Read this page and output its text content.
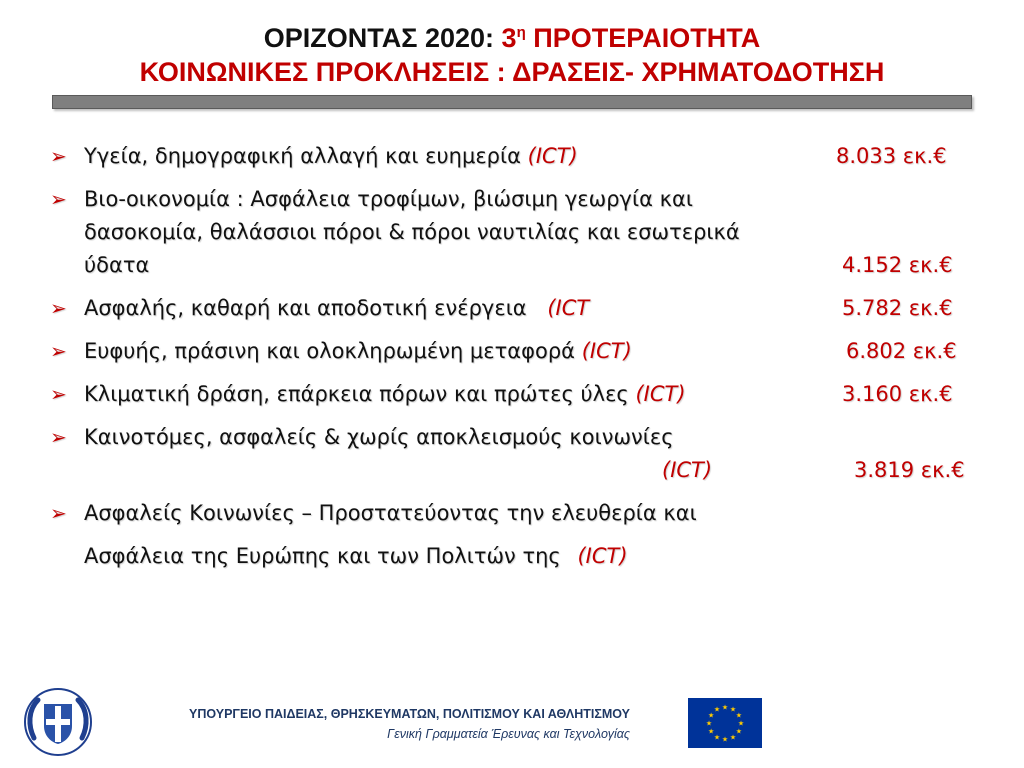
ΟΡΙΖΟΝΤΑΣ 2020: $3^\eta$ ΠΡΟΤΕΡΑΙΟΤΗΤΑ
ΚΟΙΝΩΝΙΚΕΣ ΠΡΟΚΛΗΣΕΙΣ : ΔΡΑΣΕΙΣ- ΧΡΗΜΑΤΟΔΟΤΗΣΗ
➢ Υγεία, δημογραφική αλλαγή και ευημερία (ICT)	8.033 εκ.€
➢ Βιο-οικονομία : Ασφάλεια τροφίμων, βιώσιμη γεωργία και
δασοκομία, θαλάσσιοι πόροι & πόροι ναυτιλίας και εσωτερικά
ύδατα	4.152 εκ.€
➢ Ασφαλής, καθαρή και αποδοτική ενέργεια (ICT	5.782 εκ.€
➢ Ευφυής, πράσινη και ολοκληρωμένη μεταφορά (ICT)	6.802 εκ.€
➢ Κλιματική δράση, επάρκεια πόρων και πρώτες ύλες (ICT)	3.160 εκ.€
➢ Καινοτόμες, ασφαλείς & χωρίς αποκλεισμούς κοινωνίες
(ICT)	3.819 εκ.€

➢ Ασφαλείς Κοινωνίες – Προστατεύοντας την ελευθερία και
Ασφάλεια της Ευρώπης και των Πολιτών της (ICT)
ΥΠΟΥΡΓΕΙΟ ΠΑΙΔΕΙΑΣ, ΘΡΗΣΚΕΥΜΑΤΩΝ, ΠΟΛΙΤΙΣΜΟΥ ΚΑΙ ΑΘΛΗΤΙΣΜΟΥ
Γενική Γραμματεία Έρευνας και Τεχνολογίας
★
★
★
★
★
★
★
★
★ ★ ★
★
